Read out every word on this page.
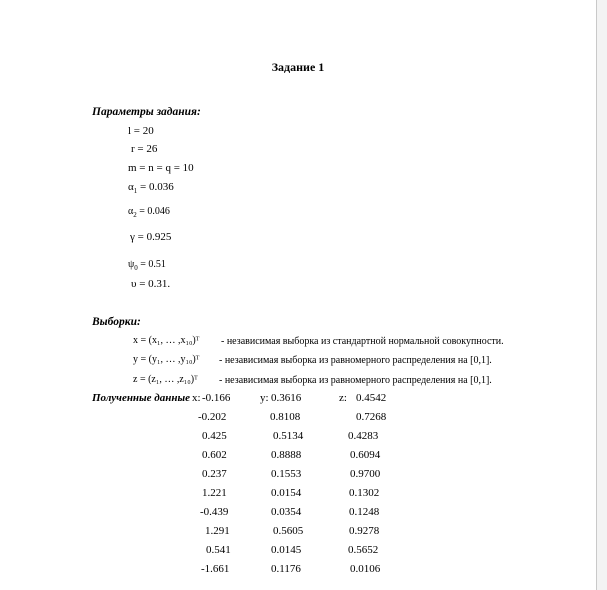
Задание 1
Параметры задания:
l = 20
r = 26
m = n = q = 10
$\alpha_1 = 0.036$
$\alpha_2 = 0.046$
γ = 0.925
$\psi_0 = 0.51$
υ = 0.31.
Выборки:
x = (x₁, … ,x₁₀)ᵀ - независимая выборка из стандартной нормальной совокупности.
y = (y₁, … ,y₁₀)ᵀ - независимая выборка из равномерного распределения на [0,1].
z = (z₁, … ,z₁₀)ᵀ - независимая выборка из равномерного распределения на [0,1].
Полученные данные x:	y:	z:
-0.166
-0.202
0.425
0.602
0.237
1.221
-0.439
1.291
0.541
-1.661
0.3616
0.8108
0.5134
0.8888
0.1553
0.0154
0.0354
0.5605
0.0145
0.1176
0.4542
0.7268
0.4283
0.6094
0.9700
0.1302
0.1248
0.9278
0.5652
0.0106
